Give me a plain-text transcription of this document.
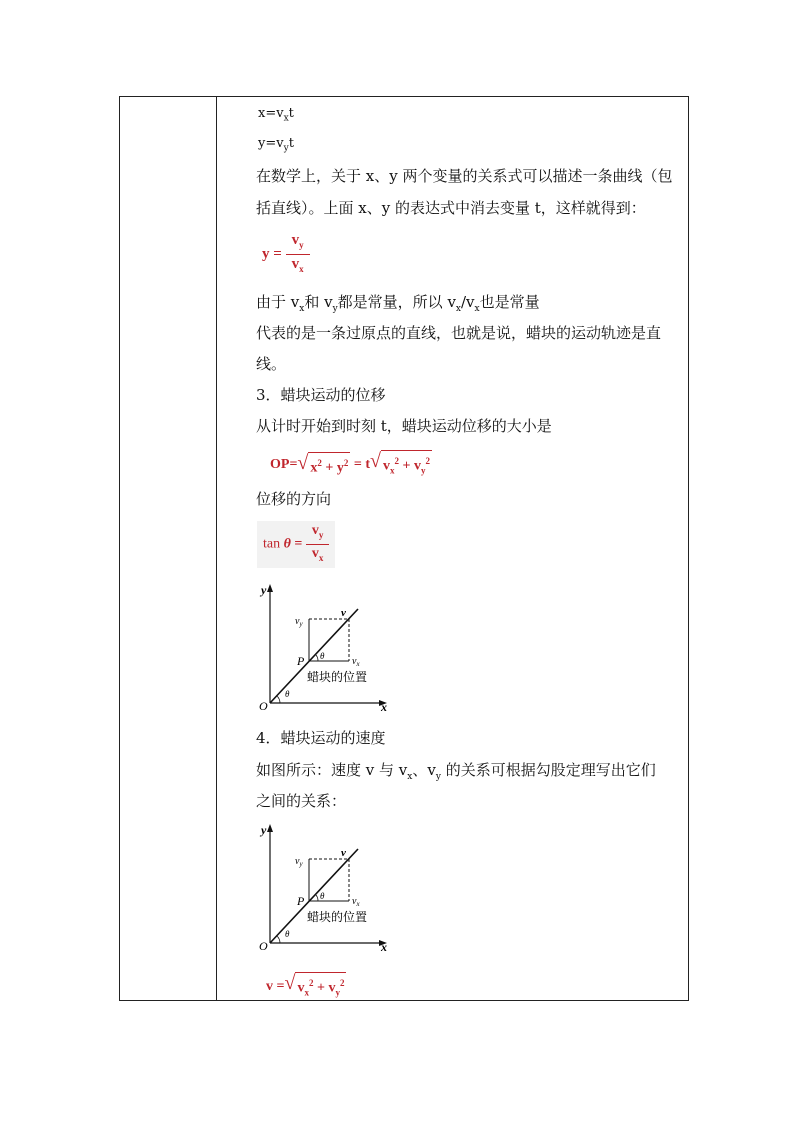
$x=v_xt$
$y=v_yt$
在数学上，关于 x、y 两个变量的关系式可以描述一条曲线（包
括直线）。上面 x、y 的表达式中消去变量 t，这样就得到：
$y = \frac{v_y}{v_x}$
由于 $v_x$和 $v_y$都是常量，所以 $v_x/v_x$也是常量
代表的是一条过原点的直线，也就是说，蜡块的运动轨迹是直
线。
3．蜡块运动的位移
从计时开始到时刻 t，蜡块运动位移的大小是
OP= √ $x^2 + y^2 = t$ √ $v_x^2 + v_y^2$
位移的方向
$\tan \theta = \frac{v_y}{v_x}$
y
x
O
P
v
$v_y$
$v_x$
θ
θ
蜡块的位置
4．蜡块运动的速度
如图所示：速度 v 与 $v_x$、$v_y$ 的关系可根据勾股定理写出它们
之间的关系：
y
x
O
P
v
$v_y$
$v_x$
θ
θ
蜡块的位置
v = √ $v_x^2 + v_y^2$
